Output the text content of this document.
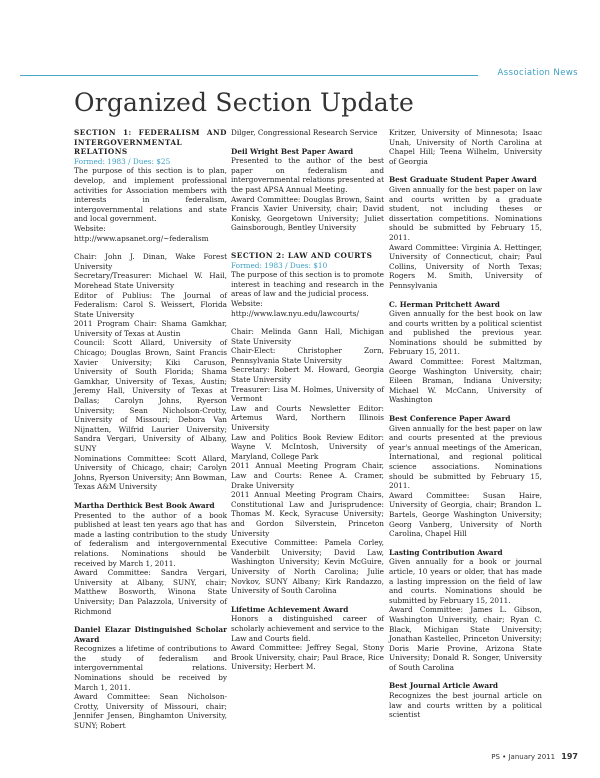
Association News
Organized Section Update

SECTION 1: FEDERALISM AND INTERGOVERNMENTAL RELATIONS

Formed: 1983 / Dues: $25

The purpose of this section is to plan, develop, and implement professional activities for Association members with interests in federalism, intergovernmental relations and state and local government.

Website: http://www.apsanet.org/~federalism

Chair: John J. Dinan, Wake Forest University

Secretary/Treasurer: Michael W. Hail, Morehead State University

Editor of Publius: The Journal of Federalism: Carol S. Weissert, Florida State University

2011 Program Chair: Shama Gamkhar, University of Texas at Austin

Council: Scott Allard, University of Chicago; Douglas Brown, Saint Francis Xavier University; Kiki Caruson, University of South Florida; Shama Gamkhar, University of Texas, Austin; Jeremy Hall, University of Texas at Dallas; Carolyn Johns, Ryerson University; Sean Nicholson-Crotty, University of Missouri; Debora Van Nijnatten, Wilfrid Laurier University; Sandra Vergari, University of Albany, SUNY

Nominations Committee: Scott Allard, University of Chicago, chair; Carolyn Johns, Ryerson University; Ann Bowman, Texas A&M University

Martha Derthick Best Book Award

Presented to the author of a book published at least ten years ago that has made a lasting contribution to the study of federalism and intergovernmental relations. Nominations should be received by March 1, 2011.

Award Committee: Sandra Vergari, University at Albany, SUNY, chair; Matthew Bosworth, Winona State University; Dan Palazzola, University of Richmond

Daniel Elazar Distinguished Scholar Award

Recognizes a lifetime of contributions to the study of federalism and intergovernmental relations. Nominations should be received by March 1, 2011.

Award Committee: Sean Nicholson-Crotty, University of Missouri, chair; Jennifer Jensen, Binghamton University, SUNY; Robert

Dilger, Congressional Research Service

Deil Wright Best Paper Award

Presented to the author of the best paper on federalism and intergovernmental relations presented at the past APSA Annual Meeting.

Award Committee: Douglas Brown, Saint Francis Xavier University, chair; David Konisky, Georgetown University; Juliet Gainsborough, Bentley University

SECTION 2: LAW AND COURTS

Formed: 1983 / Dues: $10

The purpose of this section is to promote interest in teaching and research in the areas of law and the judicial process.

Website: http://www.law.nyu.edu/lawcourts/

Chair: Melinda Gann Hall, Michigan State University

Chair-Elect: Christopher Zorn, Pennsylvania State University

Secretary: Robert M. Howard, Georgia State University

Treasurer: Lisa M. Holmes, University of Vermont

Law and Courts Newsletter Editor: Artemus Ward, Northern Illinois University

Law and Politics Book Review Editor: Wayne V. McIntosh, University of Maryland, College Park

2011 Annual Meeting Program Chair, Law and Courts: Renee A. Cramer, Drake University

2011 Annual Meeting Program Chairs, Constitutional Law and Jurisprudence: Thomas M. Keck, Syracuse University; and Gordon Silverstein, Princeton University

Executive Committee: Pamela Corley, Vanderbilt University; David Law, Washington University; Kevin McGuire, University of North Carolina; Julie Novkov, SUNY Albany; Kirk Randazzo, University of South Carolina

Lifetime Achievement Award

Honors a distinguished career of scholarly achievement and service to the Law and Courts field.

Award Committee: Jeffrey Segal, Stony Brook University, chair; Paul Brace, Rice University; Herbert M.

Kritzer, University of Minnesota; Isaac Unah, University of North Carolina at Chapel Hill; Teena Wilhelm, University of Georgia

Best Graduate Student Paper Award

Given annually for the best paper on law and courts written by a graduate student, not including theses or dissertation competitions. Nominations should be submitted by February 15, 2011.

Award Committee: Virginia A. Hettinger, University of Connecticut, chair; Paul Collins, University of North Texas; Rogers M. Smith, University of Pennsylvania

C. Herman Pritchett Award

Given annually for the best book on law and courts written by a political scientist and published the previous year. Nominations should be submitted by February 15, 2011.

Award Committee: Forest Maltzman, George Washington University, chair; Eileen Braman, Indiana University; Michael W. McCann, University of Washington

Best Conference Paper Award

Given annually for the best paper on law and courts presented at the previous year's annual meetings of the American, International, and regional political science associations. Nominations should be submitted by February 15, 2011.

Award Committee: Susan Haire, University of Georgia, chair; Brandon L. Bartels, George Washington University; Georg Vanberg, University of North Carolina, Chapel Hill

Lasting Contribution Award

Given annually for a book or journal article, 10 years or older, that has made a lasting impression on the field of law and courts. Nominations should be submitted by February 15, 2011.

Award Committee: James L. Gibson, Washington University, chair; Ryan C. Black, Michigan State University; Jonathan Kastellec, Princeton University; Doris Marie Provine, Arizona State University; Donald R. Songer, University of South Carolina

Best Journal Article Award

Recognizes the best journal article on law and courts written by a political scientist

PS • January 2011 197
